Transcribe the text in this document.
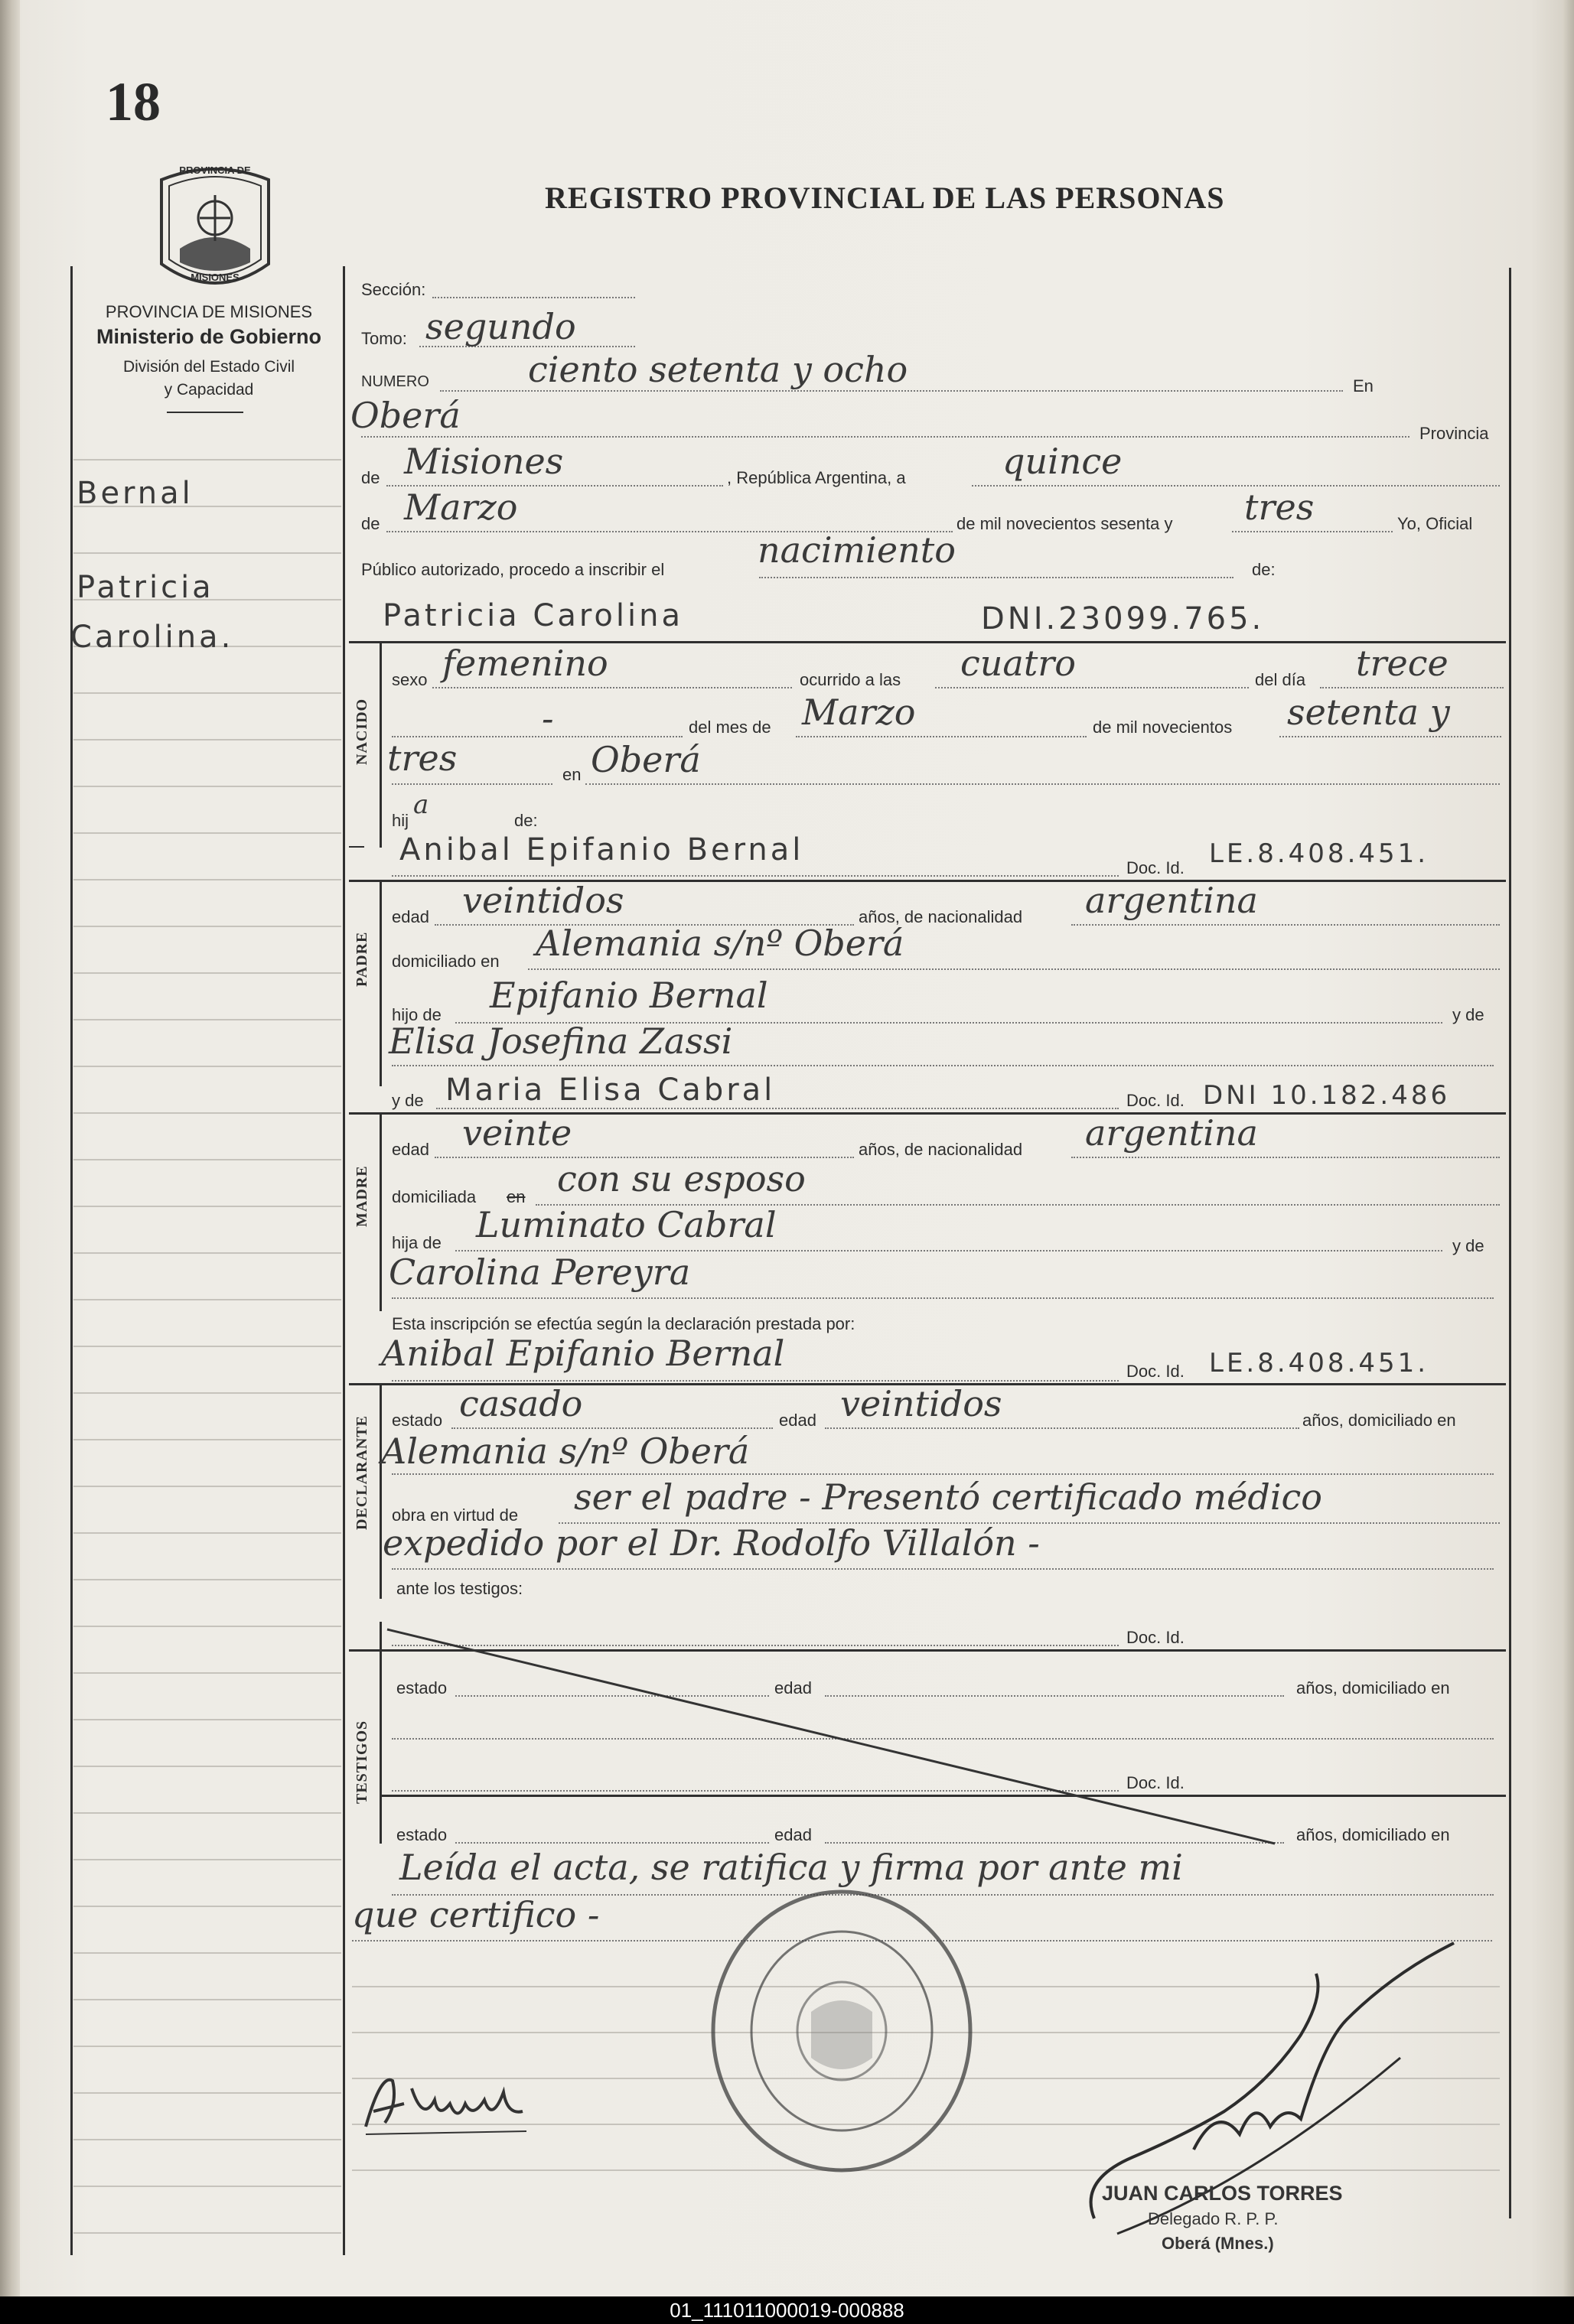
18
PROVINCIA DE
MISIONES
REGISTRO PROVINCIAL DE LAS PERSONAS
PROVINCIA DE MISIONES
Ministerio de Gobierno
División del Estado Civil
y Capacidad
Bernal
Patricia
Carolina.
Sección:
Tomo: segundo
NUMERO	ciento setenta y ocho	En
Oberá	Provincia
de Misiones	, República Argentina, a	quince
de Marzo	de mil novecientos sesenta y tres	Yo, Oficial
Público autorizado, procedo a inscribir el	nacimiento	de:
Patricia Carolina	DNI.23099.765.
NACIDO
sexo femenino	ocurrido a las cuatro	del día trece
-	del mes de Marzo	de mil novecientos setenta y
tres	en Oberá
hij
a
de:
Anibal Epifanio Bernal
Doc. Id. LE.8.408.451.
PADRE
edad veintidos	años, de nacionalidad argentina
domiciliado en Alemania s/nº Oberá
hijo de Epifanio Bernal	y de
Elisa Josefina Zassi
y de Maria Elisa Cabral	Doc. Id. DNI 10.182.486
MADRE
edad veinte	años, de nacionalidad argentina
domiciliada en con su esposo
hija de Luminato Cabral
y de
Carolina Pereyra
Esta inscripción se efectúa según la declaración prestada por:
Anibal Epifanio Bernal	Doc. Id. LE.8.408.451.
DECLARANTE estado casado	edad veintidos	años, domiciliado en
Alemania s/nº Oberá
obra en virtud de ser el padre - Presentó certificado médico
expedido por el Dr. Rodolfo Villalón -
ante los testigos:
Doc. Id.
TESTIGOS
estado	edad	años, domiciliado en
Doc. Id.
estado	edad	años, domiciliado en
Leída el acta, se ratifica y firma por ante mi
que certifico -
JUAN CARLOS TORRES
Delegado R. P. P.
Oberá (Mnes.)
01_111011000019-000888
